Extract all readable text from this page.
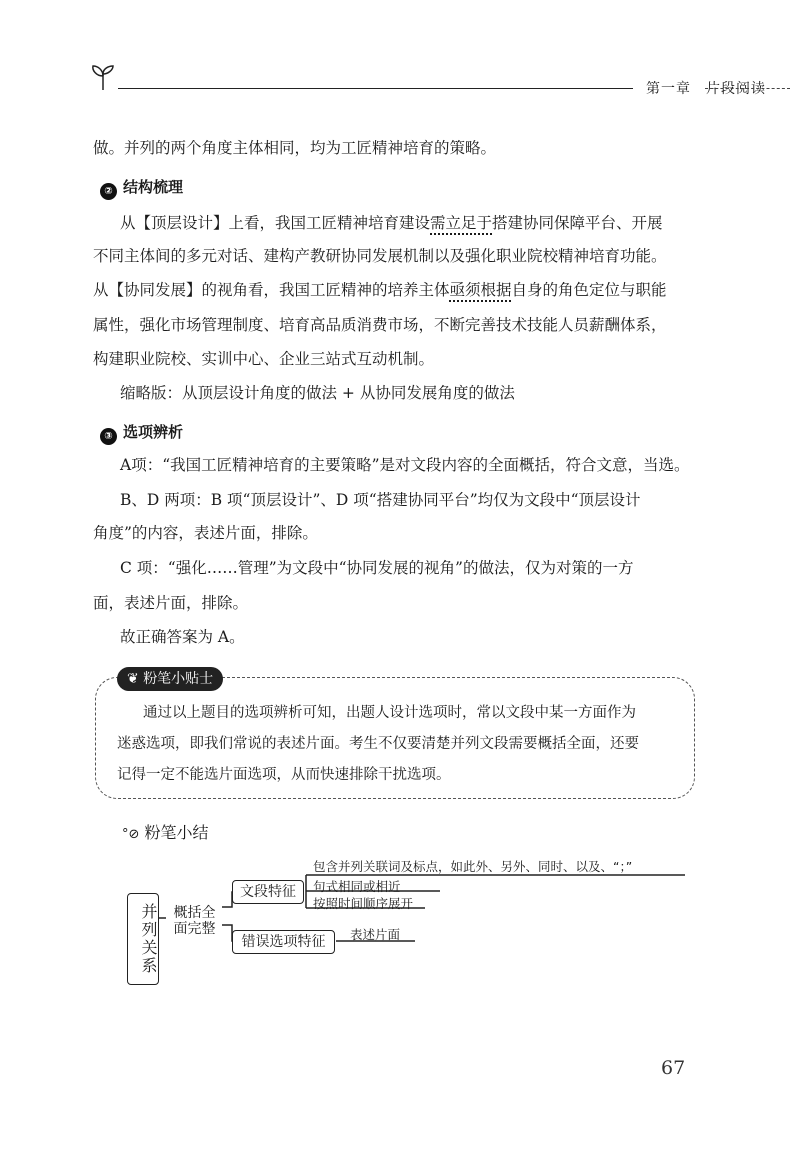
第一章　片段阅读
做。并列的两个角度主体相同，均为工匠精神培育的策略。
② 结构梳理
从【顶层设计】上看，我国工匠精神培育建设需立足于搭建协同保障平台、开展
不同主体间的多元对话、建构产教研协同发展机制以及强化职业院校精神培育功能。
从【协同发展】的视角看，我国工匠精神的培养主体亟须根据自身的角色定位与职能
属性，强化市场管理制度、培育高品质消费市场，不断完善技术技能人员薪酬体系，
构建职业院校、实训中心、企业三站式互动机制。
缩略版：从顶层设计角度的做法 + 从协同发展角度的做法
③ 选项辨析
A项：“我国工匠精神培育的主要策略”是对文段内容的全面概括，符合文意，当选。
B、D 两项：B 项“顶层设计”、D 项“搭建协同平台”均仅为文段中“顶层设计
角度”的内容，表述片面，排除。
C 项：“强化……管理”为文段中“协同发展的视角”的做法，仅为对策的一方
面，表述片面，排除。
故正确答案为 A。
❦ 粉笔小贴士
通过以上题目的选项辨析可知，出题人设计选项时，常以文段中某一方面作为
迷惑选项，即我们常说的表述片面。考生不仅要清楚并列文段需要概括全面，还要
记得一定不能选片面选项，从而快速排除干扰选项。
°⊘ 粉笔小结
并列关系	概括全面完整
文段特征
错误选项特征
包含并列关联词及标点，如此外、另外、同时、以及、“；”
句式相同或相近
按照时间顺序展开
表述片面
67
